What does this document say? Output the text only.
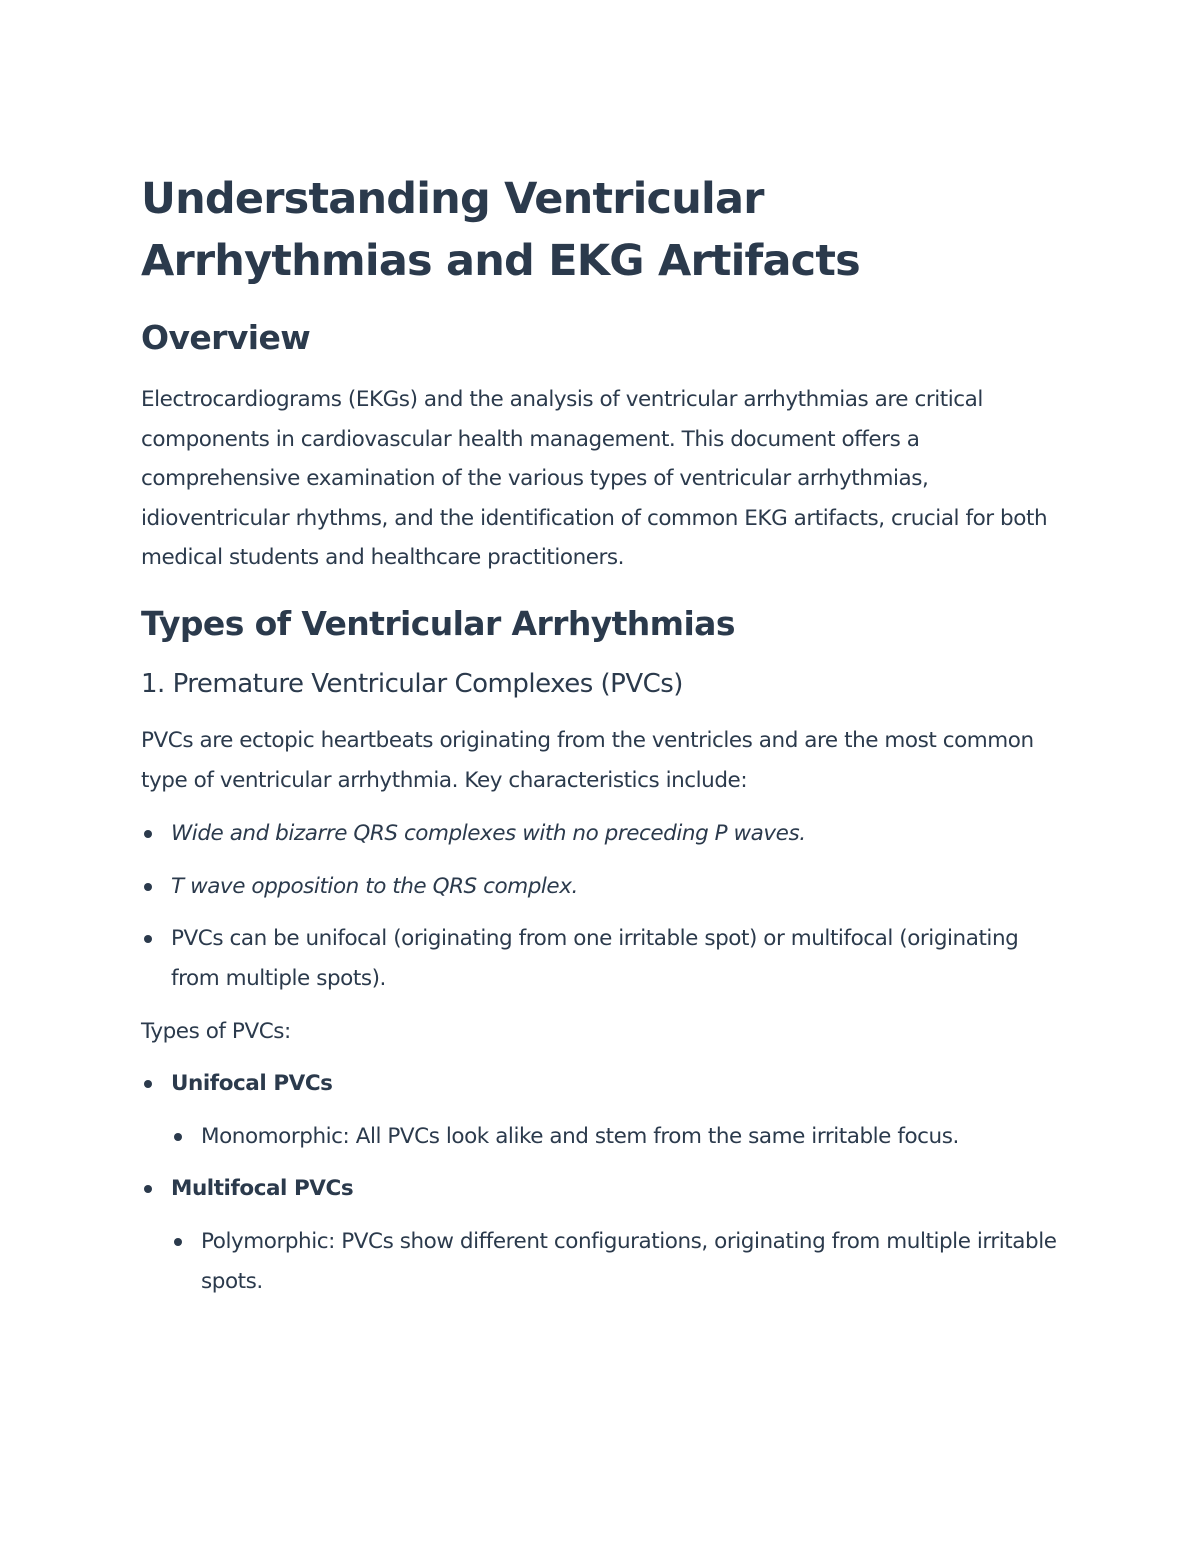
Understanding Ventricular Arrhythmias and EKG Artifacts
Overview

Electrocardiograms (EKGs) and the analysis of ventricular arrhythmias are critical components in cardiovascular health management. This document offers a comprehensive examination of the various types of ventricular arrhythmias, idioventricular rhythms, and the identification of common EKG artifacts, crucial for both medical students and healthcare practitioners.

Types of Ventricular Arrhythmias
1. Premature Ventricular Complexes (PVCs)

PVCs are ectopic heartbeats originating from the ventricles and are the most common type of ventricular arrhythmia. Key characteristics include:

Wide and bizarre QRS complexes with no preceding P waves.
T wave opposition to the QRS complex.
PVCs can be unifocal (originating from one irritable spot) or multifocal (originating from multiple spots).

Types of PVCs:

Unifocal PVCs
Monomorphic: All PVCs look alike and stem from the same irritable focus.
Multifocal PVCs
Polymorphic: PVCs show different configurations, originating from multiple irritable spots.
